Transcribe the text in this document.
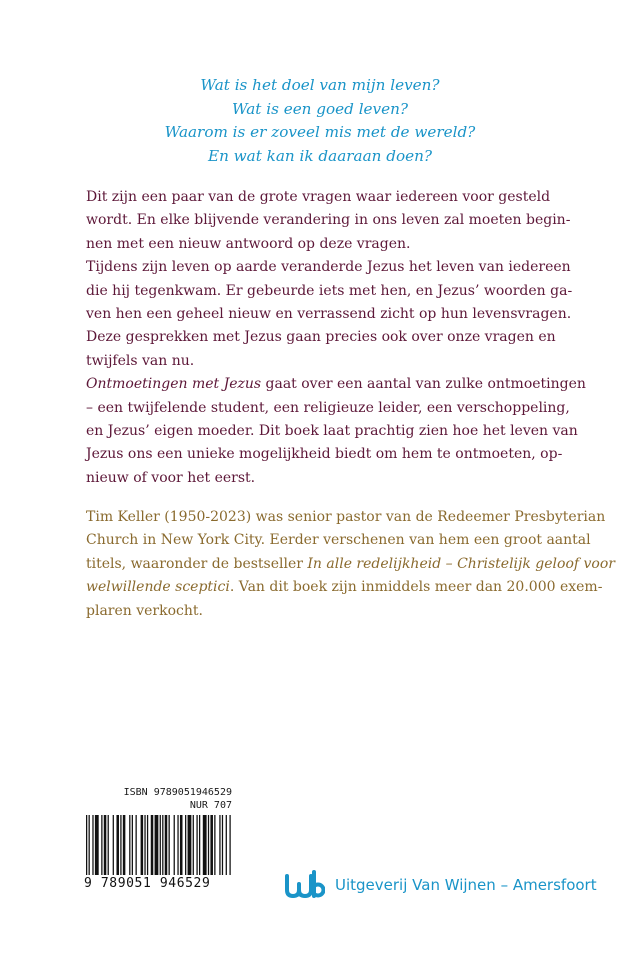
Wat is het doel van mijn leven?
Wat is een goed leven?
Waarom is er zoveel mis met de wereld?
En wat kan ik daaraan doen?
Dit zijn een paar van de grote vragen waar iedereen voor gesteld
wordt. En elke blijvende verandering in ons leven zal moeten begin-
nen met een nieuw antwoord op deze vragen.
Tijdens zijn leven op aarde veranderde Jezus het leven van iedereen
die hij tegenkwam. Er gebeurde iets met hen, en Jezus’ woorden ga-
ven hen een geheel nieuw en verrassend zicht op hun levensvragen.
Deze gesprekken met Jezus gaan precies ook over onze vragen en
twijfels van nu.
Ontmoetingen met Jezus gaat over een aantal van zulke ontmoetingen
– een twijfelende student, een religieuze leider, een verschoppeling,
en Jezus’ eigen moeder. Dit boek laat prachtig zien hoe het leven van
Jezus ons een unieke mogelijkheid biedt om hem te ontmoeten, op-
nieuw of voor het eerst.
Tim Keller (1950-2023) was senior pastor van de Redeemer Presbyterian
Church in New York City. Eerder verschenen van hem een groot aantal
titels, waaronder de bestseller In alle redelijkheid – Christelijk geloof voor
welwillende sceptici. Van dit boek zijn inmiddels meer dan 20.000 exem-
plaren verkocht.
ISBN 9789051946529
NUR 707
9 789051 946529	Uitgeverij Van Wijnen – Amersfoort
